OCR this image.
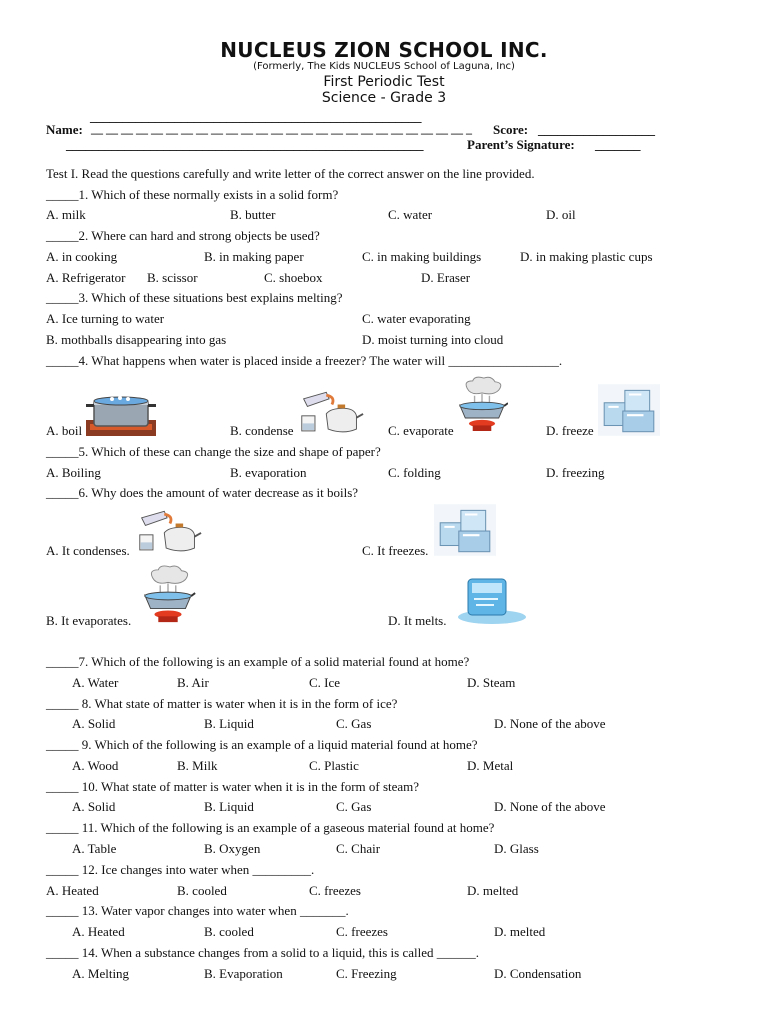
NUCLEUS ZION SCHOOL INC.
(Formerly, The Kids NUCLEUS School of Laguna, Inc)
First Periodic Test
Science - Grade 3
___________________________________________________
Name: __ __ __ __ __ __ __ __ __ __ __ __ __ __ __ __ __ __ __ __ __ __ __ __ __ _ Score: __________________
_______________________________________________________	Parent’s Signature: _______
Test I. Read the questions carefully and write letter of the correct answer on the line provided.
_____1. Which of these normally exists in a solid form?
A. milk	B. butter	C. water	D. oil
_____2. Where can hard and strong objects be used?
A. in cooking	B. in making paper	C. in making buildings	D. in making plastic cups
A. Refrigerator B. scissor	C. shoebox	D. Eraser
_____3. Which of these situations best explains melting?
A. Ice turning to water	C. water evaporating
B. mothballs disappearing into gas	D. moist turning into cloud
_____4. What happens when water is placed inside a freezer? The water will _________________.
A. boil	B. condense	C. evaporate	D. freeze
_____5. Which of these can change the size and shape of paper?
A. Boiling	B. evaporation	C. folding	D. freezing
_____6. Why does the amount of water decrease as it boils?
A. It condenses.	C. It freezes.
B. It evaporates.	D. It melts.
_____7. Which of the following is an example of a solid material found at home?
A. Water	B. Air	C. Ice	D. Steam
_____ 8. What state of matter is water when it is in the form of ice?
A. Solid	B. Liquid	C. Gas	D. None of the above
_____ 9. Which of the following is an example of a liquid material found at home?
A. Wood	B. Milk	C. Plastic	D. Metal
_____ 10. What state of matter is water when it is in the form of steam?
A. Solid	B. Liquid	C. Gas	D. None of the above
_____ 11. Which of the following is an example of a gaseous material found at home?
A. Table	B. Oxygen	C. Chair	D. Glass
_____ 12. Ice changes into water when _________.
A. Heated	B. cooled	C. freezes	D. melted
_____ 13. Water vapor changes into water when _______.
A. Heated	B. cooled	C. freezes	D. melted
_____ 14. When a substance changes from a solid to a liquid, this is called ______.
A. Melting	B. Evaporation	C. Freezing	D. Condensation
